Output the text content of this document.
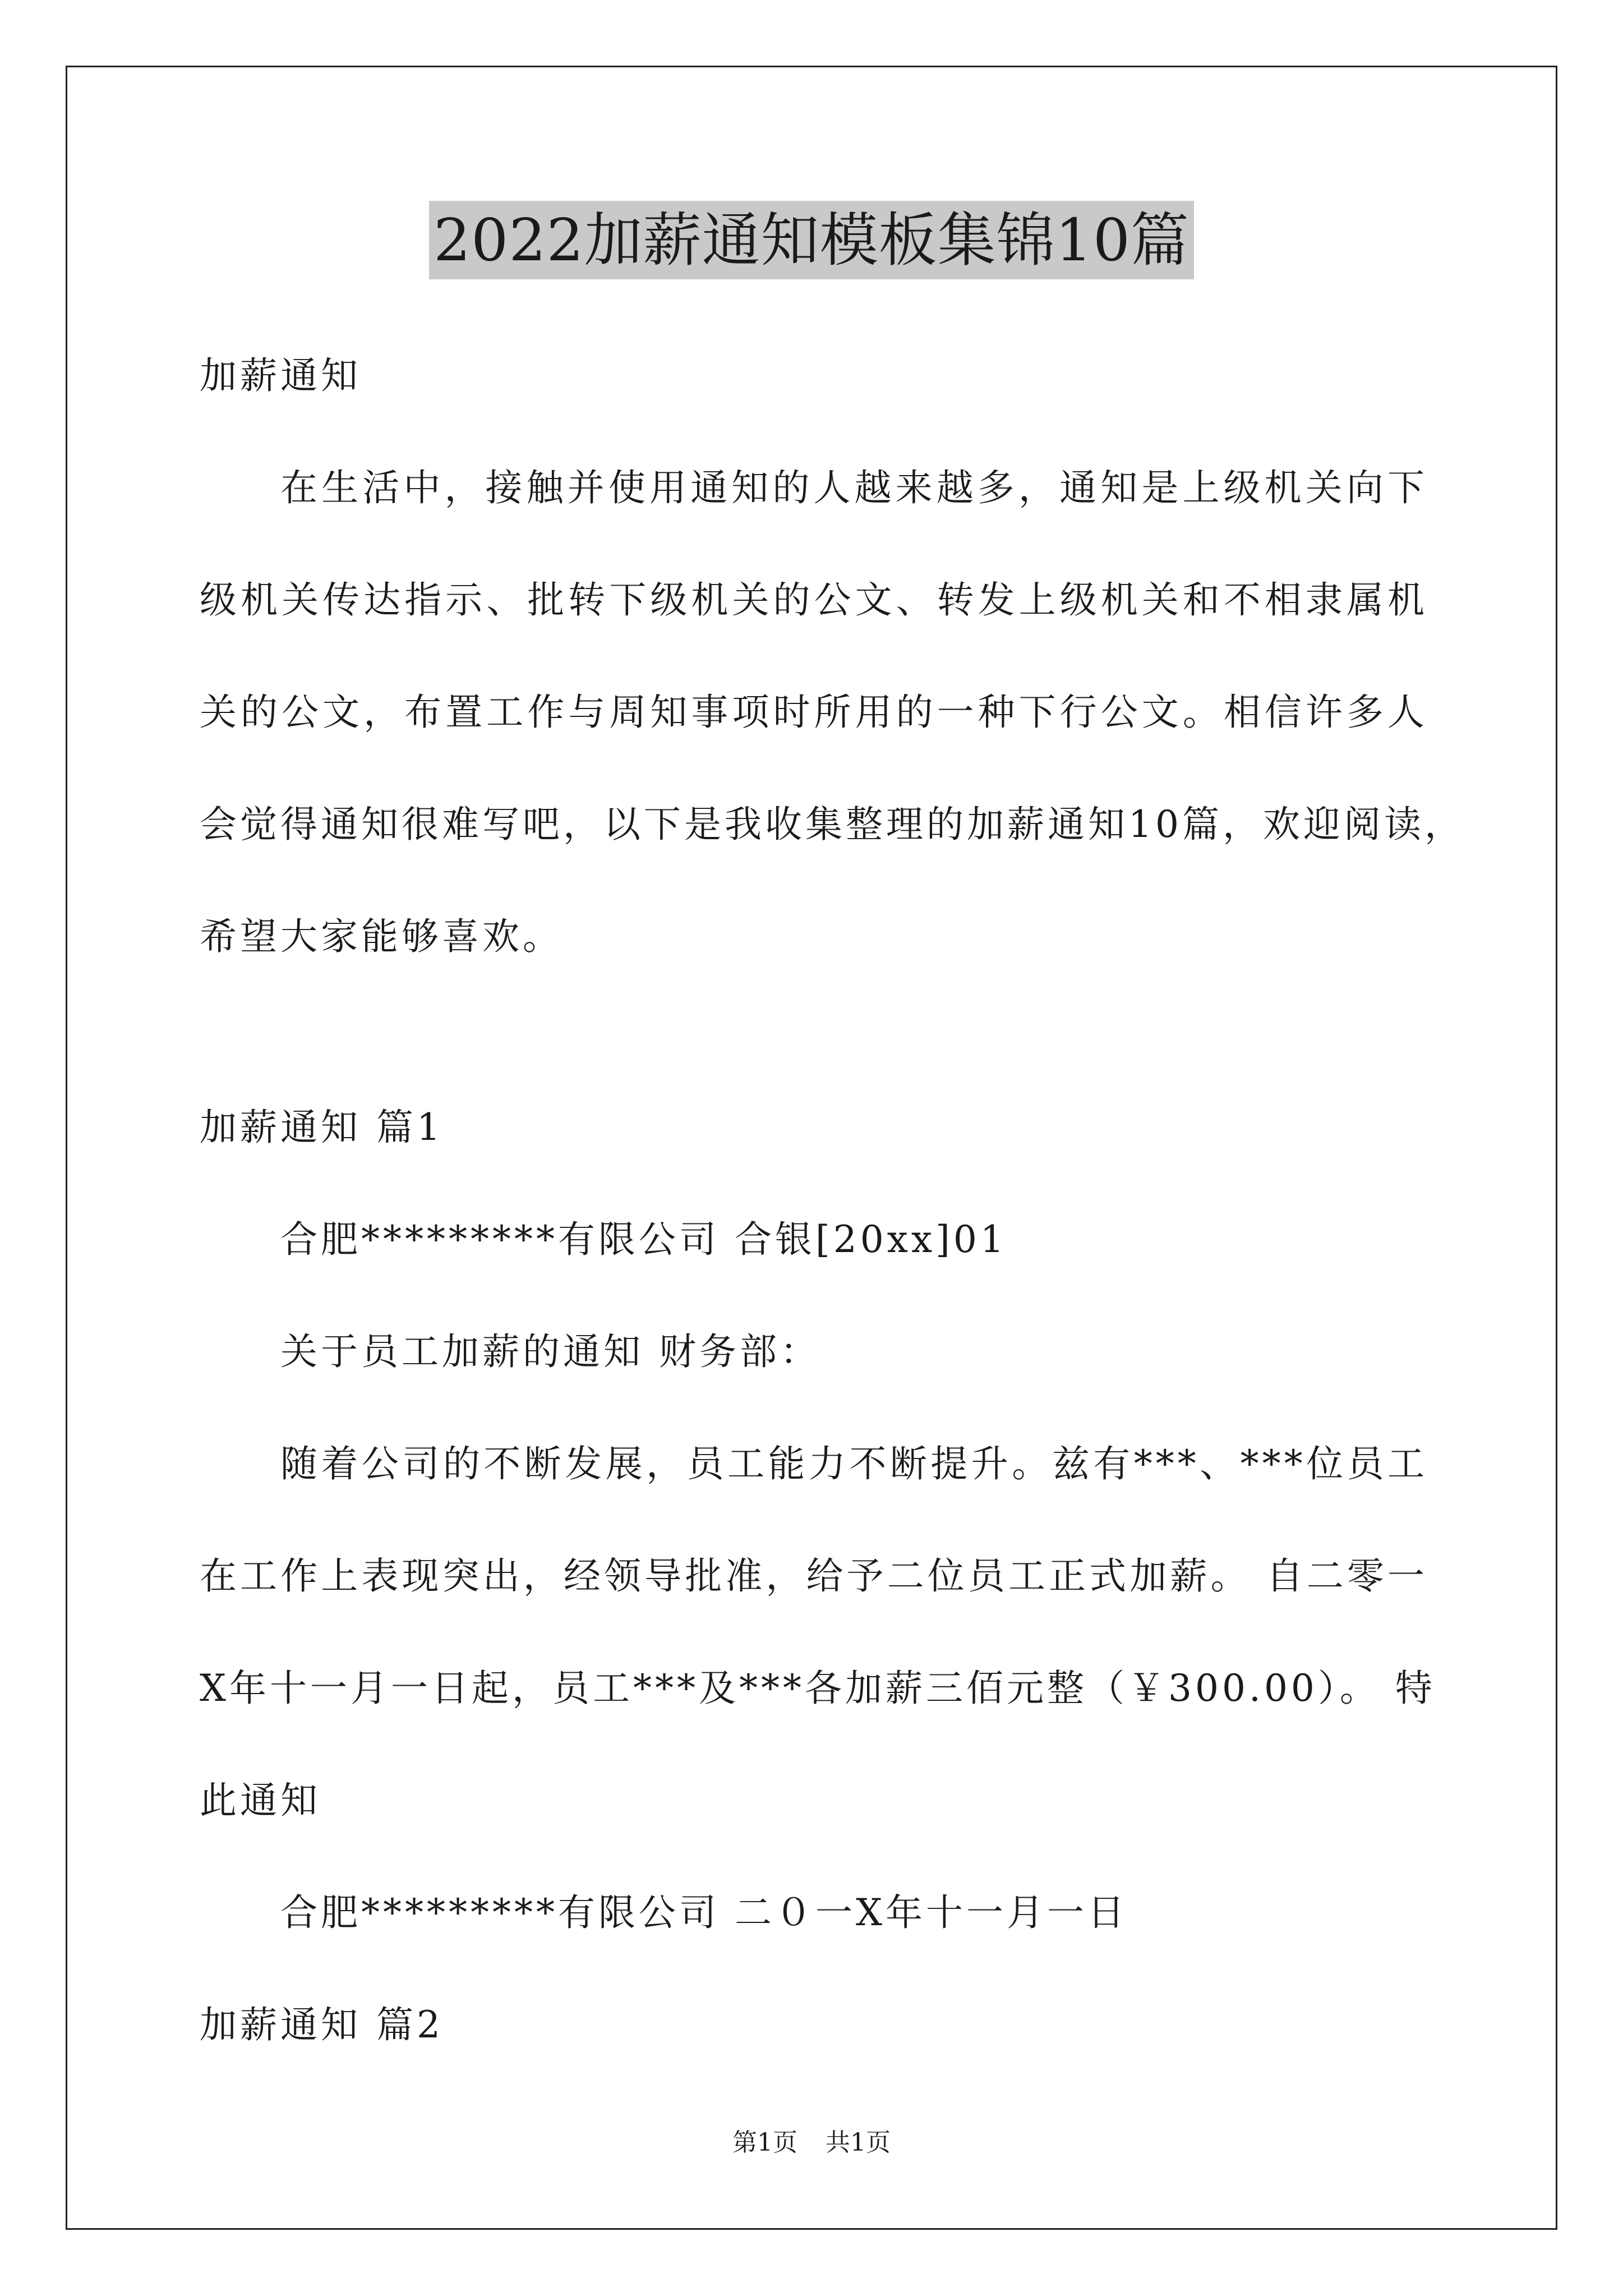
2022加薪通知模板集锦10篇
加薪通知
在生活中，接触并使用通知的人越来越多，通知是上级机关向下
级机关传达指示、批转下级机关的公文、转发上级机关和不相隶属机
关的公文，布置工作与周知事项时所用的一种下行公文。相信许多人
会觉得通知很难写吧，以下是我收集整理的加薪通知10篇，欢迎阅读，
希望大家能够喜欢。
加薪通知 篇1
合肥*********有限公司 合银[20xx]01
关于员工加薪的通知 财务部：
随着公司的不断发展，员工能力不断提升。兹有***、***位员工
在工作上表现突出，经领导批准，给予二位员工正式加薪。 自二零一
X年十一月一日起，员工***及***各加薪三佰元整（￥300.00）。 特
此通知
合肥*********有限公司 二０一X年十一月一日
加薪通知 篇2
第1页 共1页
